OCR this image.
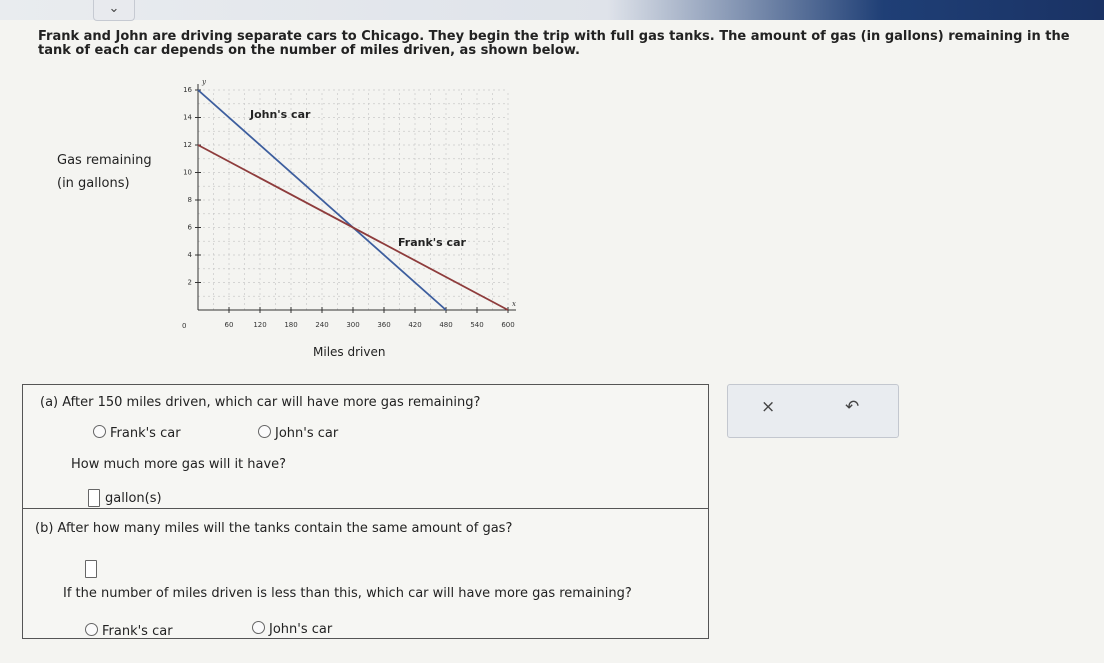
⌄
Frank and John are driving separate cars to Chicago. They begin the trip with full gas tanks. The amount of gas (in gallons) remaining in the tank of each car depends on the number of miles driven, as shown below.
Gas remaining
(in gallons)
Miles driven
60	120	180	240	300	360	420	480	540	600
2
4
6
8
10
12
14
16
0
y
x
John's car
Frank's car
(a) After 150 miles driven, which car will have more gas remaining?
Frank's car	John's car
How much more gas will it have?
gallon(s)
(b) After how many miles will the tanks contain the same amount of gas?
If the number of miles driven is less than this, which car will have more gas remaining?
Frank's car	John's car
×	↶
